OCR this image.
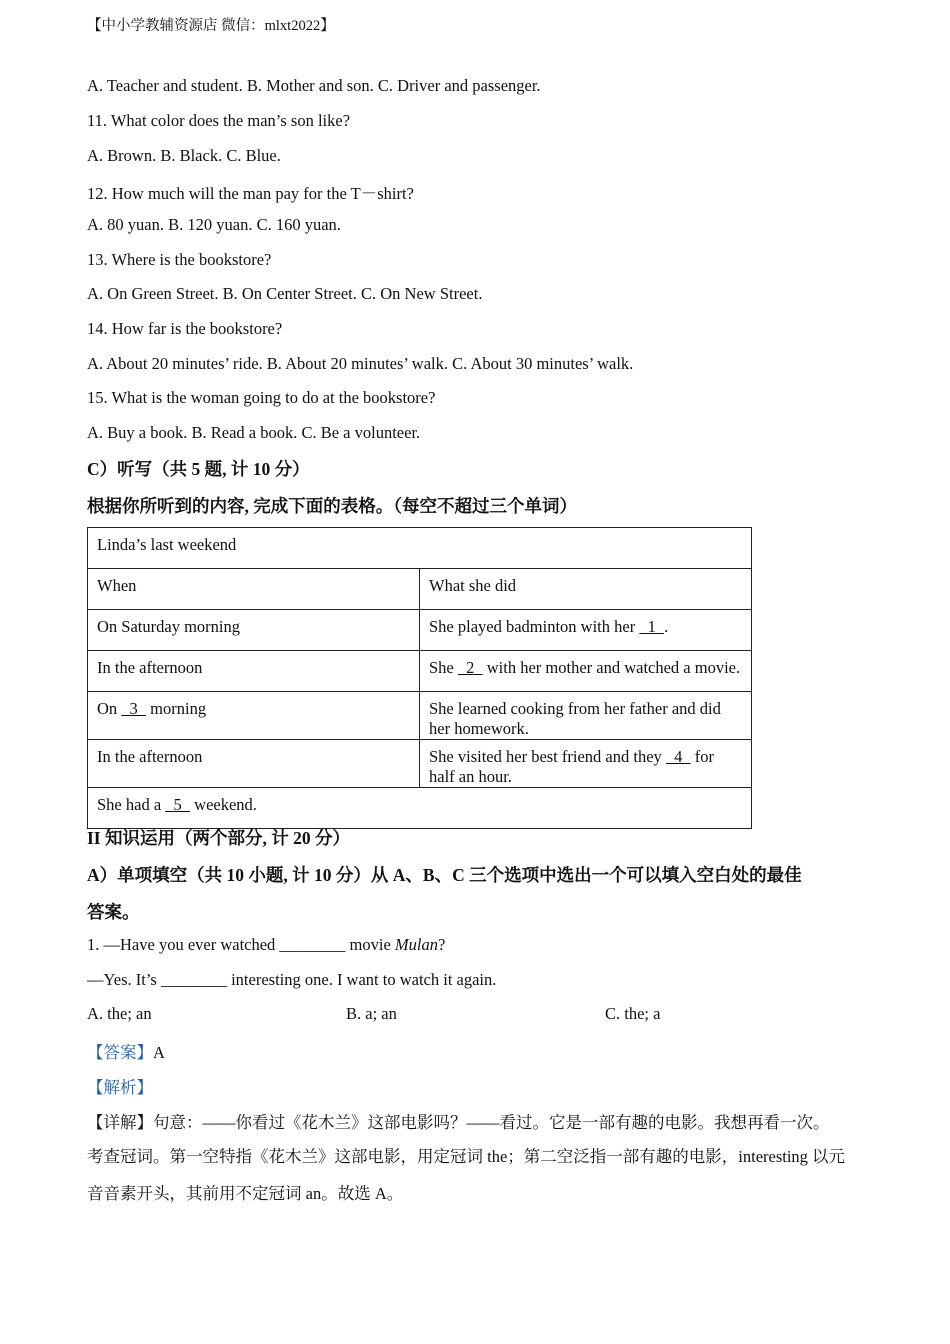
【中小学教辅资源店 微信：mlxt2022】
A. Teacher and student. B. Mother and son. C. Driver and passenger.
11. What color does the man’s son like?
A. Brown. B. Black. C. Blue.
12. How much will the man pay for the T－shirt?
A. 80 yuan. B. 120 yuan. C. 160 yuan.
13. Where is the bookstore?
A. On Green Street. B. On Center Street. C. On New Street.
14. How far is the bookstore?
A. About 20 minutes’ ride. B. About 20 minutes’ walk. C. About 30 minutes’ walk.
15. What is the woman going to do at the bookstore?
A. Buy a book. B. Read a book. C. Be a volunteer.
C）听写（共 5 题, 计 10 分）
根据你所听到的内容, 完成下面的表格。（每空不超过三个单词）
Linda’s last weekend	
When	What she did
On Saturday morning	She played badminton with her   1  .
In the afternoon	She   2   with her mother and watched a movie.
On   3   morning	She learned cooking from her father and did her homework.
In the afternoon	She visited her best friend and they   4   for half an hour.
She had a   5   weekend.	
II 知识运用（两个部分, 计 20 分）
A）单项填空（共 10 小题, 计 10 分）从 A、B、C 三个选项中选出一个可以填入空白处的最佳
答案。
1. —Have you ever watched ________ movie Mulan?
—Yes. It’s ________ interesting one. I want to watch it again.
A. the; an	B. a; an	C. the; a
【答案】A
【解析】
【详解】句意：——你看过《花木兰》这部电影吗？——看过。它是一部有趣的电影。我想再看一次。
考查冠词。第一空特指《花木兰》这部电影，用定冠词 the；第二空泛指一部有趣的电影，interesting 以元
音音素开头，其前用不定冠词 an。故选 A。
